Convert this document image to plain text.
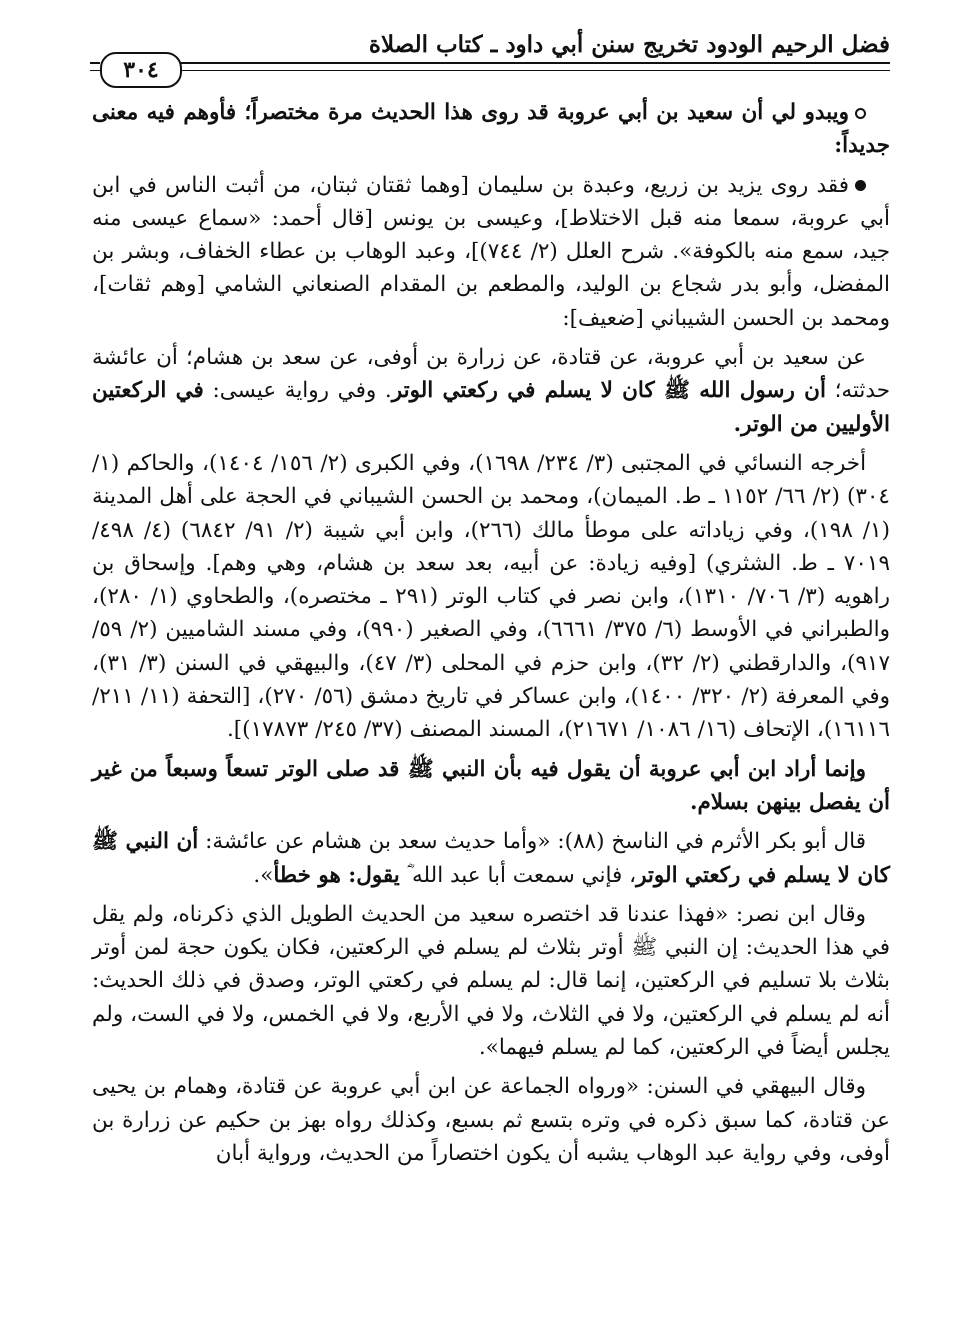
فضل الرحيم الودود تخريج سنن أبي داود ـ كتاب الصلاة
٣٠٤

ويبدو لي أن سعيد بن أبي عروبة قد روى هذا الحديث مرة مختصراً؛ فأوهم فيه معنى جديداً:

فقد روى يزيد بن زريع، وعبدة بن سليمان [وهما ثقتان ثبتان، من أثبت الناس في ابن أبي عروبة، سمعا منه قبل الاختلاط]، وعيسى بن يونس [قال أحمد: «سماع عيسى منه جيد، سمع منه بالكوفة». شرح العلل (٢/ ٧٤٤)]، وعبد الوهاب بن عطاء الخفاف، وبشر بن المفضل، وأبو بدر شجاع بن الوليد، والمطعم بن المقدام الصنعاني الشامي [وهم ثقات]، ومحمد بن الحسن الشيباني [ضعيف]:

عن سعيد بن أبي عروبة، عن قتادة، عن زرارة بن أوفى، عن سعد بن هشام؛ أن عائشة حدثته؛ أن رسول الله ﷺ كان لا يسلم في ركعتي الوتر. وفي رواية عيسى: في الركعتين الأوليين من الوتر.

أخرجه النسائي في المجتبى (٣/ ٢٣٤/ ١٦٩٨)، وفي الكبرى (٢/ ١٥٦/ ١٤٠٤)، والحاكم (١/ ٣٠٤) (٢/ ٦٦/ ١١٥٢ ـ ط. الميمان)، ومحمد بن الحسن الشيباني في الحجة على أهل المدينة (١/ ١٩٨)، وفي زياداته على موطأ مالك (٢٦٦)، وابن أبي شيبة (٢/ ٩١/ ٦٨٤٢) (٤/ ٤٩٨/ ٧٠١٩ ـ ط. الشثري) [وفيه زيادة: عن أبيه، بعد سعد بن هشام، وهي وهم]. وإسحاق بن راهويه (٣/ ٧٠٦/ ١٣١٠)، وابن نصر في كتاب الوتر (٢٩١ ـ مختصره)، والطحاوي (١/ ٢٨٠)، والطبراني في الأوسط (٦/ ٣٧٥/ ٦٦٦١)، وفي الصغير (٩٩٠)، وفي مسند الشاميين (٢/ ٥٩/ ٩١٧)، والدارقطني (٢/ ٣٢)، وابن حزم في المحلى (٣/ ٤٧)، والبيهقي في السنن (٣/ ٣١)، وفي المعرفة (٢/ ٣٢٠/ ١٤٠٠)، وابن عساكر في تاريخ دمشق (٥٦/ ٢٧٠)، [التحفة (١١/ ٢١١/ ١٦١١٦)، الإتحاف (١٦/ ١٠٨٦/ ٢١٦٧١)، المسند المصنف (٣٧/ ٢٤٥/ ١٧٨٧٣)].

وإنما أراد ابن أبي عروبة أن يقول فيه بأن النبي ﷺ قد صلى الوتر تسعاً وسبعاً من غير أن يفصل بينهن بسلام.

قال أبو بكر الأثرم في الناسخ (٨٨): «وأما حديث سعد بن هشام عن عائشة: أن النبي ﷺ كان لا يسلم في ركعتي الوتر، فإني سمعت أبا عبد الله ؓ يقول: هو خطأ».

وقال ابن نصر: «فهذا عندنا قد اختصره سعيد من الحديث الطويل الذي ذكرناه، ولم يقل في هذا الحديث: إن النبي ﷺ أوتر بثلاث لم يسلم في الركعتين، فكان يكون حجة لمن أوتر بثلاث بلا تسليم في الركعتين، إنما قال: لم يسلم في ركعتي الوتر، وصدق في ذلك الحديث: أنه لم يسلم في الركعتين، ولا في الثلاث، ولا في الأربع، ولا في الخمس، ولا في الست، ولم يجلس أيضاً في الركعتين، كما لم يسلم فيهما».

وقال البيهقي في السنن: «ورواه الجماعة عن ابن أبي عروبة عن قتادة، وهمام بن يحيى عن قتادة، كما سبق ذكره في وتره بتسع ثم بسبع، وكذلك رواه بهز بن حكيم عن زرارة بن أوفى، وفي رواية عبد الوهاب يشبه أن يكون اختصاراً من الحديث، ورواية أبان
